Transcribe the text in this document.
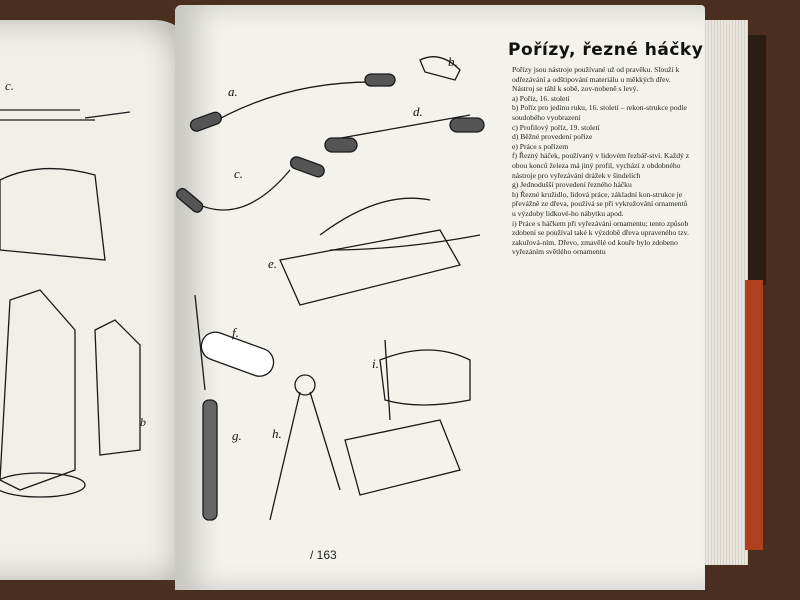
c.
b
a.
b.
c.
d.
e.
f.
g. h.
i.
Pořízy, řezné háčky

Pořízy jsou nástroje používané už od pravěku. Slouží k odřezávání a odštipování materiálu u měkkých dřev. Nástroj se táhl k sobě, zov-nobeně s levý.

a) Poříz, 16. století
b) Poříz pro jedinu ruku, 16. století – rekon-strukce podle soudobého vyobrazení
c) Profilový poříz, 19. století
d) Běžné provedení poříze
e) Práce s pořízem
f) Řezný háček, používaný v lidovém řezbář-ství. Každý z obou konců železa má jiný profil, vychází z obdobného nástroje pro vyřezávání drážek v šindelích
g) Jednodušší provedení řezného háčku
h) Řezné kružidlo, lidová práce, základní kon-strukce je převážně ze dřeva, používá se při vykružování ornamentů u výzdoby lidkové-ho nábytku apod.
i) Práce s háčkem při vyřezávání ornamentu; tento způsob zdobení se používal také k výzdobě dřeva upraveného tzv. zakuřová-ním. Dřevo, zmavělé od kouře bylo zdobeno vyřezáním světlého ornamentu
/ 163
